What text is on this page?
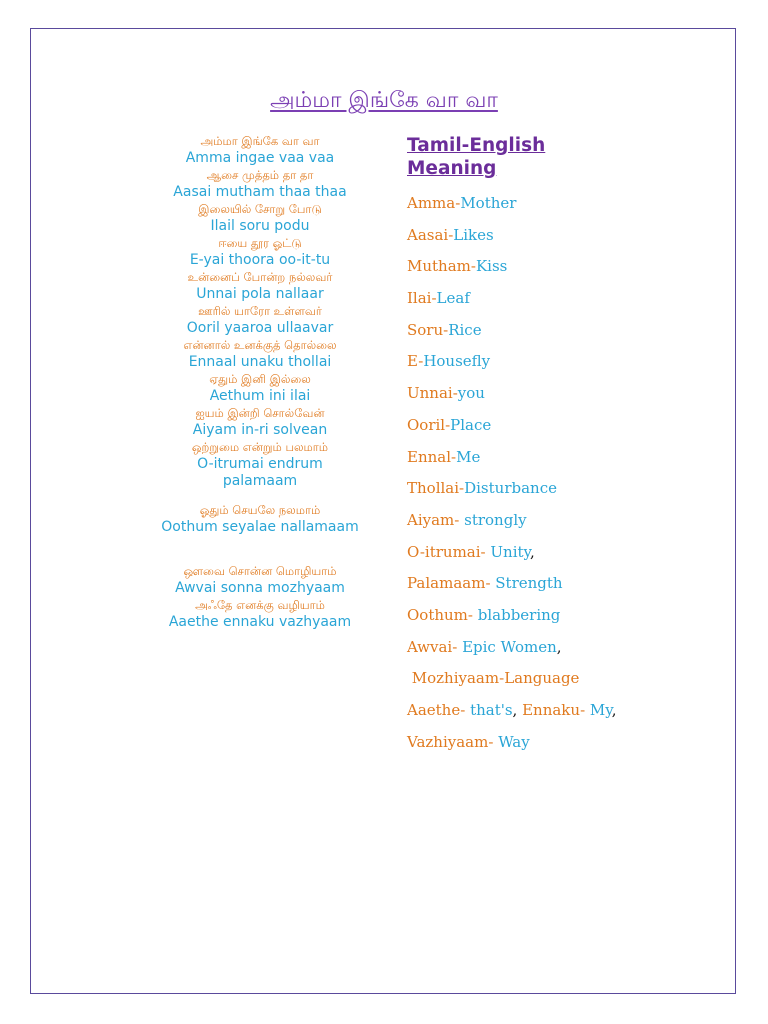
அம்மா இங்கே வா வா
அம்மா இங்கே வா வா
Amma ingae vaa vaa
ஆசை முத்தம் தா தா
Aasai mutham thaa thaa
இலையில் சோறு போடு
Ilail soru podu
ஈயை தூர ஓட்டு
E-yai thoora oo-it-tu
உன்னைப் போன்ற நல்லவர்
Unnai pola nallaar
ஊரில் யாரோ உள்ளவர்
Ooril yaaroa ullaavar
என்னால் உனக்குத் தொல்லை
Ennaal unaku thollai
ஏதும் இனி இல்லை
Aethum ini ilai
ஐயம் இன்றி சொல்வேன்
Aiyam in-ri solvean
ஒற்றுமை என்றும் பலமாம்
O-itrumai endrum
palamaam
ஓதும் செயலே நலமாம்
Oothum seyalae nallamaam
ஔவை சொன்ன மொழியாம்
Awvai sonna mozhyaam
அஃதே எனக்கு வழியாம்
Aaethe ennaku vazhyaam
Tamil-English
Meaning
Amma-Mother
Aasai-Likes
Mutham-Kiss
Ilai-Leaf
Soru-Rice
E-Housefly
Unnai-you
Ooril-Place
Ennal-Me
Thollai-Disturbance
Aiyam- strongly
O-itrumai- Unity,
Palamaam- Strength
Oothum- blabbering
Awvai- Epic Women,
Mozhiyaam-Language
Aaethe- that's, Ennaku- My,
Vazhiyaam- Way
